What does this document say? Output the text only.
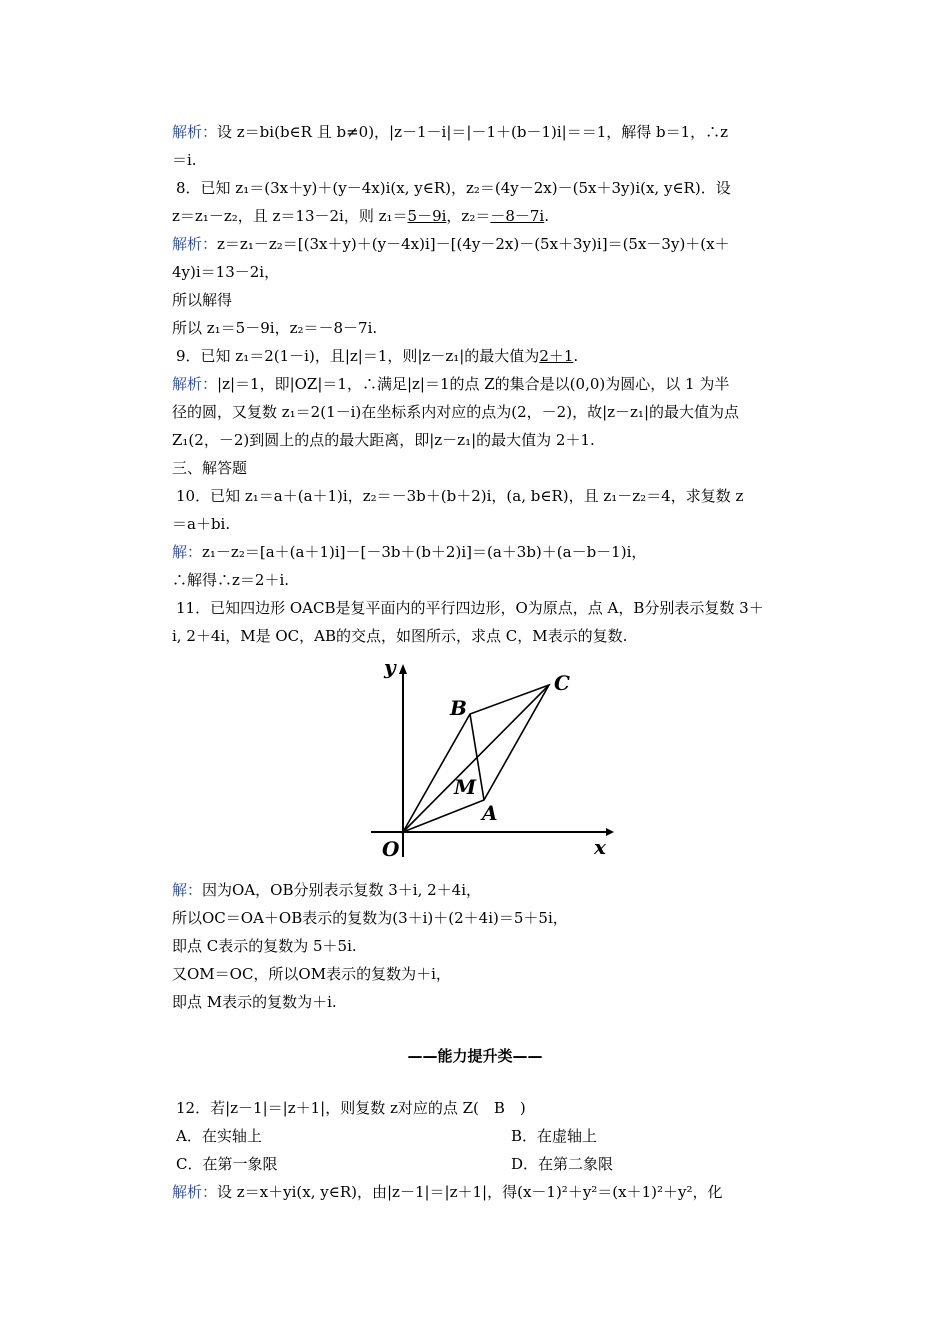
解析：设 z＝bi(b∈R 且 b≠0)，|z－1－i|＝|－1＋(b－1)i|＝＝1，解得 b＝1，∴z
＝i.
8．已知 z₁＝(3x＋y)＋(y－4x)i(x, y∈R)，z₂＝(4y－2x)－(5x＋3y)i(x, y∈R)．设
z＝z₁－z₂，且 z＝13－2i，则 z₁＝5－9i，z₂＝－8－7i.
解析：z＝z₁－z₂＝[(3x＋y)＋(y－4x)i]－[(4y－2x)－(5x＋3y)i]＝(5x－3y)＋(x＋
4y)i＝13－2i，
所以解得
所以 z₁＝5－9i，z₂＝－8－7i.
9．已知 z₁＝2(1－i)，且|z|＝1，则|z－z₁|的最大值为2＋1.
解析：|z|＝1，即|OZ|＝1，∴满足|z|＝1的点 Z的集合是以(0,0)为圆心，以 1 为半
径的圆，又复数 z₁＝2(1－i)在坐标系内对应的点为(2，－2)，故|z－z₁|的最大值为点
Z₁(2，－2)到圆上的点的最大距离，即|z－z₁|的最大值为 2＋1.
三、解答题
10．已知 z₁＝a＋(a＋1)i，z₂＝－3b＋(b＋2)i，(a, b∈R)，且 z₁－z₂＝4，求复数 z
＝a＋bi.
解：z₁－z₂＝[a＋(a＋1)i]－[－3b＋(b＋2)i]＝(a＋3b)＋(a－b－1)i，
∴解得∴z＝2＋i.
11．已知四边形 OACB是复平面内的平行四边形，O为原点，点 A，B分别表示复数 3＋
i, 2＋4i，M是 OC，AB的交点，如图所示，求点 C，M表示的复数.
y
x
O
B
C
A
M
解：因为OA，OB分别表示复数 3＋i, 2＋4i，
所以OC＝OA＋OB表示的复数为(3＋i)＋(2＋4i)＝5＋5i，
即点 C表示的复数为 5＋5i.
又OM＝OC，所以OM表示的复数为＋i，
即点 M表示的复数为＋i.
——能力提升类——
12．若|z－1|＝|z＋1|，则复数 z对应的点 Z(　B　)
A．在实轴上	B．在虚轴上
C．在第一象限	D．在第二象限
解析：设 z＝x＋yi(x, y∈R)，由|z－1|＝|z＋1|，得(x－1)²＋y²＝(x＋1)²＋y²，化
